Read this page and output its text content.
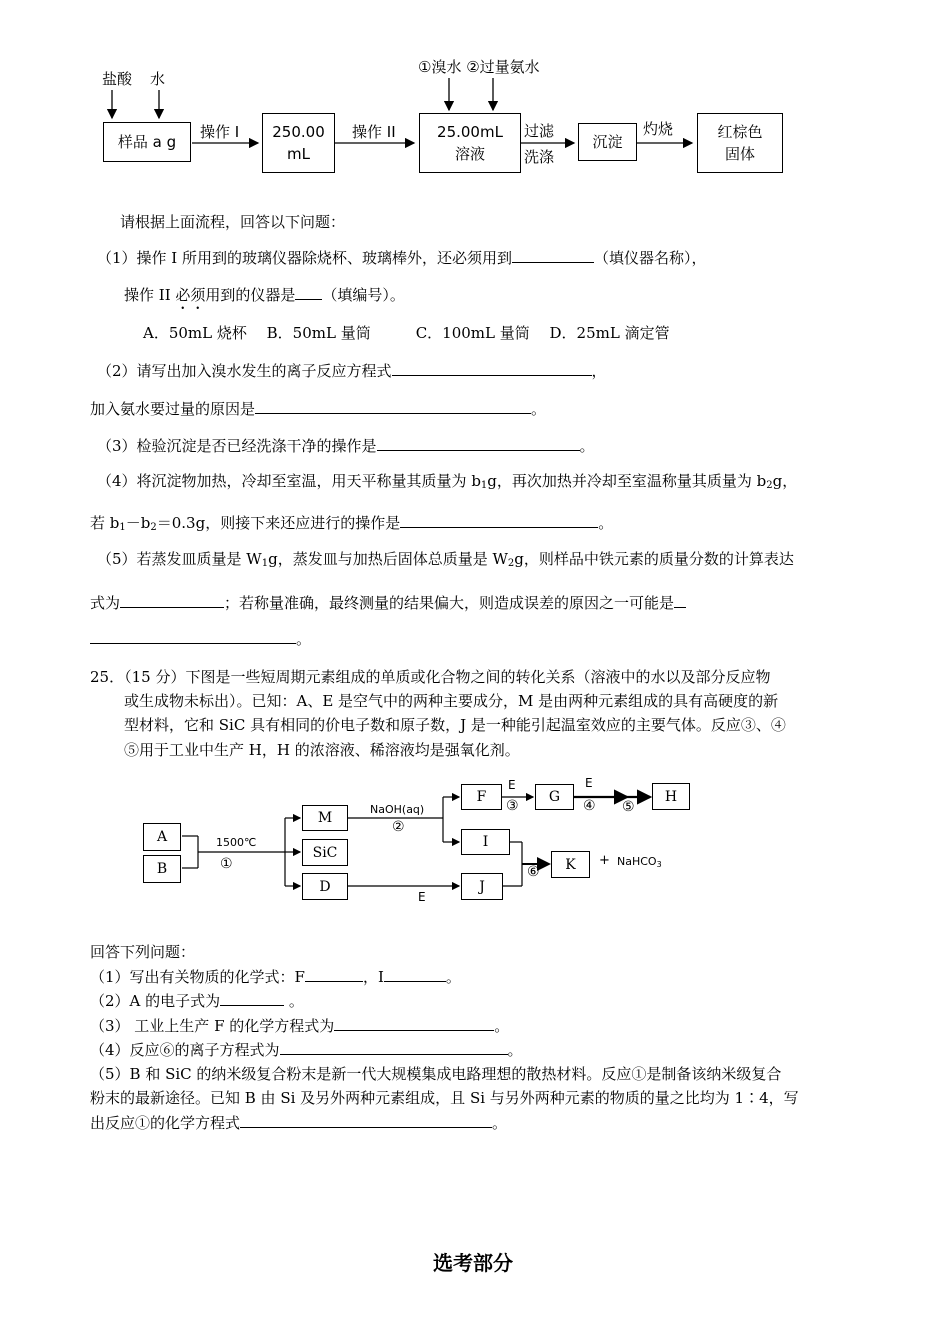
盐酸 水
样品 a g
操作 I 250.00
mL
操作 II
①溴水 ②过量氨水
25.00mL
溶液
过滤
洗涤
沉淀
灼烧	红棕色
固体
请根据上面流程，回答以下问题：
（1）操作 I 所用到的玻璃仪器除烧杯、玻璃棒外，还必须用到	（填仪器名称），
操作 II 必须用到的仪器是 （填编号）。
A．50mL 烧杯　 B．50mL 量筒　　　C．100mL 量筒　 D．25mL 滴定管
（2）请写出加入溴水发生的离子反应方程式	，
加入氨水要过量的原因是	。
（3）检验沉淀是否已经洗涤干净的操作是	。
（4）将沉淀物加热，冷却至室温，用天平称量其质量为 $b_1g$，再次加热并冷却至室温称量其质量为 $b_2g$，
若 $b_1-b_2=0.3g$，则接下来还应进行的操作是	。
（5）若蒸发皿质量是 $W_1g$，蒸发皿与加热后固体总质量是 $W_2g$，则样品中铁元素的质量分数的计算表达
式为	；若称量准确，最终测量的结果偏大，则造成误差的原因之一可能是
。
25．（15 分）下图是一些短周期元素组成的单质或化合物之间的转化关系（溶液中的水以及部分反应物
或生成物未标出）。已知：A、E 是空气中的两种主要成分，M 是由两种元素组成的具有高硬度的新
型材料，它和 SiC 具有相同的价电子数和原子数，J 是一种能引起温室效应的主要气体。反应③、④
⑤用于工业中生产 H，H 的浓溶液、稀溶液均是强氧化剂。
A
B
1500℃
①
M
SiC
D
NaOH(aq)
②
F
E
③
G
E
④ ⑤
H
I
J
E
⑥	K	+ NaHCO3
回答下列问题：
（1）写出有关物质的化学式：F	，I	。
（2）A 的电子式为	。
（3） 工业上生产 F 的化学方程式为	。
（4）反应⑥的离子方程式为	。
（5）B 和 SiC 的纳米级复合粉末是新一代大规模集成电路理想的散热材料。反应①是制备该纳米级复合
粉末的最新途径。已知 B 由 Si 及另外两种元素组成，且 Si 与另外两种元素的物质的量之比均为 1∶4，写
出反应①的化学方程式	。
选考部分
